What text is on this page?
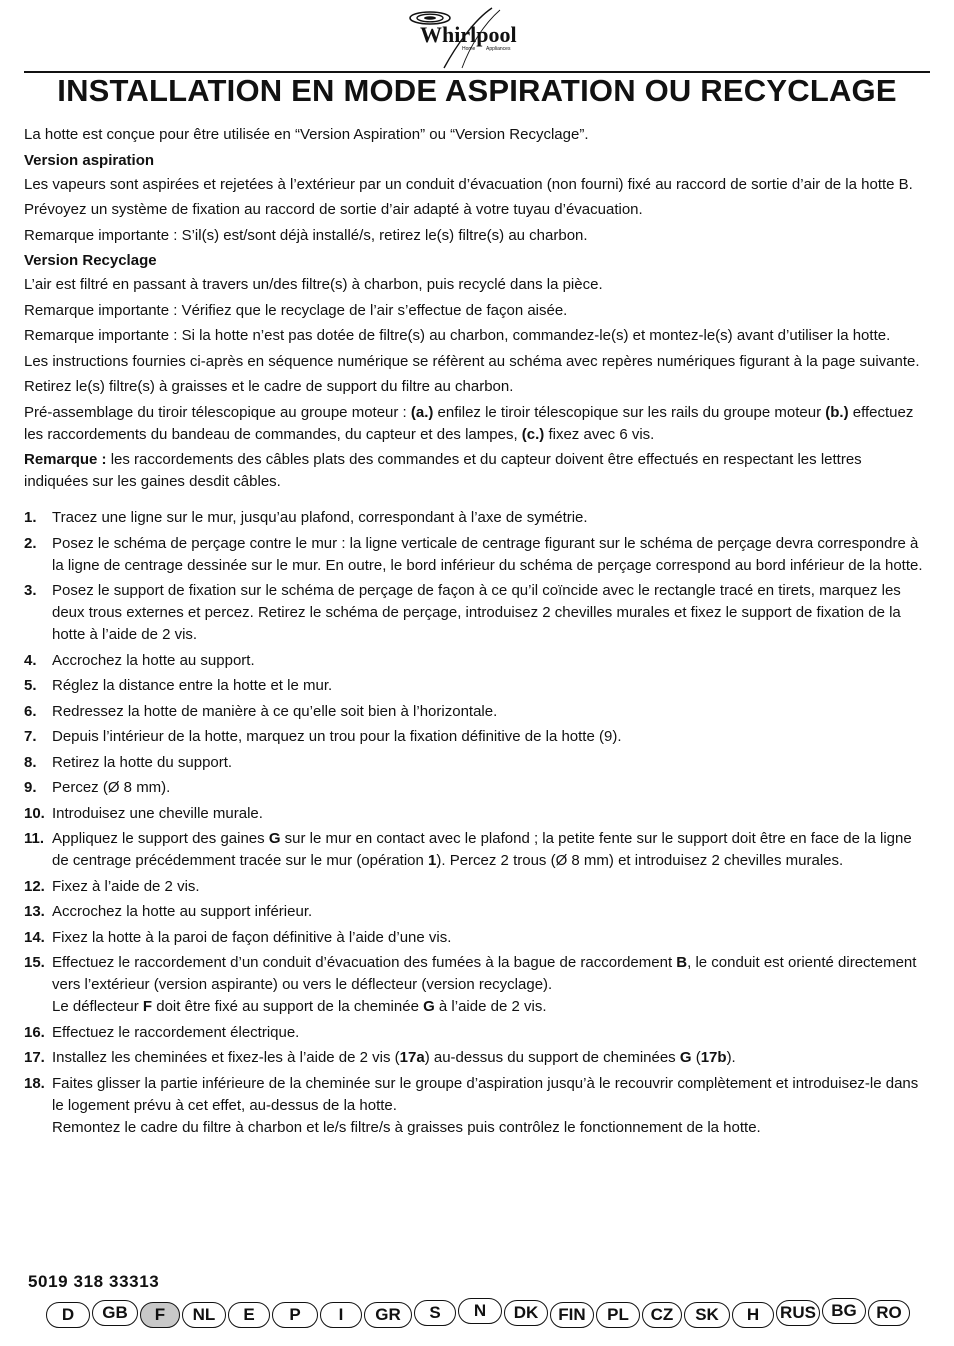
Whirlpool
Home Appliances
INSTALLATION EN MODE ASPIRATION OU RECYCLAGE

La hotte est conçue pour être utilisée en “Version Aspiration” ou “Version Recyclage”.

Version aspiration

Les vapeurs sont aspirées et rejetées à l’extérieur par un conduit d’évacuation (non fourni) fixé au raccord de sortie d’air de la hotte B.

Prévoyez un système de fixation au raccord de sortie d’air adapté à votre tuyau d’évacuation.

Remarque importante : S’il(s) est/sont déjà installé/s, retirez le(s) filtre(s) au charbon.

Version Recyclage

L’air est filtré en passant à travers un/des filtre(s) à charbon, puis recyclé dans la pièce.

Remarque importante : Vérifiez que le recyclage de l’air s’effectue de façon aisée.

Remarque importante : Si la hotte n’est pas dotée de filtre(s) au charbon, commandez-le(s) et montez-le(s) avant d’utiliser la hotte.

Les instructions fournies ci-après en séquence numérique se réfèrent au schéma avec repères numériques figurant à la page suivante.

Retirez le(s) filtre(s) à graisses et le cadre de support du filtre au charbon.

Pré-assemblage du tiroir télescopique au groupe moteur : (a.) enfilez le tiroir télescopique sur les rails du groupe moteur (b.) effectuez les raccordements du bandeau de commandes, du capteur et des lampes, (c.) fixez avec 6 vis.

Remarque : les raccordements des câbles plats des commandes et du capteur doivent être effectués en respectant les lettres indiquées sur les gaines desdit câbles.

1.	Tracez une ligne sur le mur, jusqu’au plafond, correspondant à l’axe de symétrie.
2.	Posez le schéma de perçage contre le mur : la ligne verticale de centrage figurant sur le schéma de perçage devra correspondre à la ligne de centrage dessinée sur le mur. En outre, le bord inférieur du schéma de perçage correspond au bord inférieur de la hotte.
3.	Posez le support de fixation sur le schéma de perçage de façon à ce qu’il coïncide avec le rectangle tracé en tirets, marquez les deux trous externes et percez. Retirez le schéma de perçage, introduisez 2 chevilles murales et fixez le support de fixation de la hotte à l’aide de 2 vis.
4.	Accrochez la hotte au support.
5.	Réglez la distance entre la hotte et le mur.
6.	Redressez la hotte de manière à ce qu’elle soit bien à l’horizontale.
7.	Depuis l’intérieur de la hotte, marquez un trou pour la fixation définitive de la hotte (9).
8.	Retirez la hotte du support.
9.	Percez (Ø 8 mm).
10. Introduisez une cheville murale.
11. Appliquez le support des gaines G sur le mur en contact avec le plafond ; la petite fente sur le support doit être en face de la ligne de centrage précédemment tracée sur le mur (opération 1). Percez 2 trous (Ø 8 mm) et introduisez 2 chevilles murales.
12. Fixez à l’aide de 2 vis.
13. Accrochez la hotte au support inférieur.
14. Fixez la hotte à la paroi de façon définitive à l’aide d’une vis.
15. Effectuez le raccordement d’un conduit d’évacuation des fumées à la bague de raccordement B, le conduit est orienté directement vers l’extérieur (version aspirante) ou vers le déflecteur (version recyclage).
Le déflecteur F doit être fixé au support de la cheminée G à l’aide de 2 vis.
16. Effectuez le raccordement électrique.
17. Installez les cheminées et fixez-les à l’aide de 2 vis (17a) au-dessus du support de cheminées G (17b).
18. Faites glisser la partie inférieure de la cheminée sur le groupe d’aspiration jusqu’à le recouvrir complètement et introduisez-le dans le logement prévu à cet effet, au-dessus de la hotte.
Remontez le cadre du filtre à charbon et le/s filtre/s à graisses puis contrôlez le fonctionnement de la hotte.
5019 318 33313
D	GB	F	NL	E	P	I	GR	S	N	DK	FIN	PL	CZ	SK	H	RUS BG	RO
